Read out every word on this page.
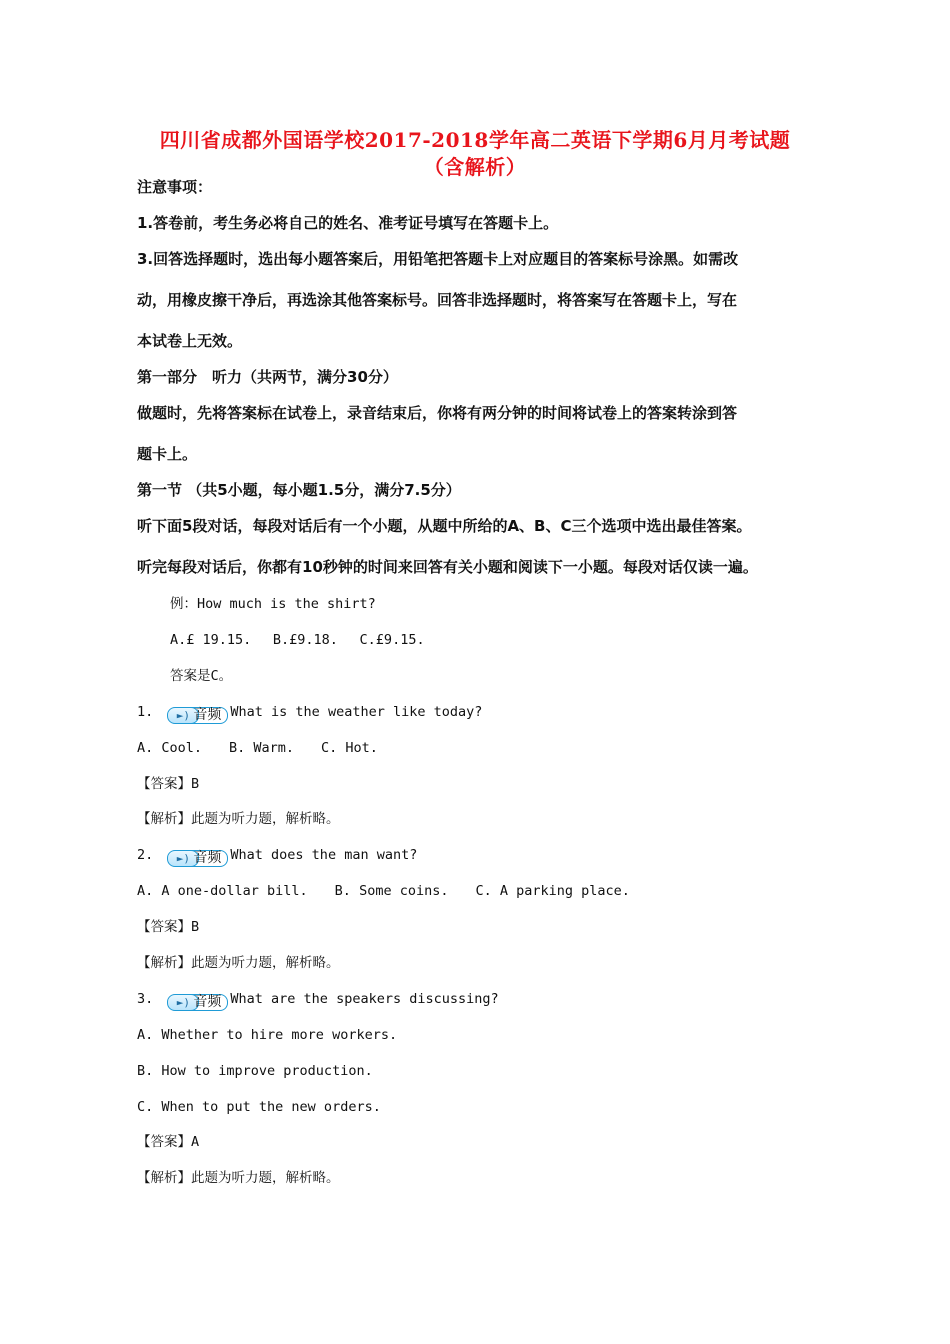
四川省成都外国语学校2017-2018学年高二英语下学期6月月考试题
（含解析）
注意事项：
1.答卷前，考生务必将自己的姓名、准考证号填写在答题卡上。
3.回答选择题时，选出每小题答案后，用铅笔把答题卡上对应题目的答案标号涂黑。如需改
动，用橡皮擦干净后，再选涂其他答案标号。回答非选择题时，将答案写在答题卡上，写在
本试卷上无效。
第一部分　听力（共两节，满分30分）
做题时，先将答案标在试卷上，录音结束后，你将有两分钟的时间将试卷上的答案转涂到答
题卡上。
第一节 （共5小题，每小题1.5分，满分7.5分）
听下面5段对话，每段对话后有一个小题，从题中所给的A、B、C三个选项中选出最佳答案。
听完每段对话后，你都有10秒钟的时间来回答有关小题和阅读下一小题。每段对话仅读一遍。
例：How much is the shirt?
A.£ 19.15.　 B.£9.18.　 C.£9.15.
答案是C。
1. ►) 音频 What is the weather like today?
A. Cool.　　B. Warm.　　C. Hot.
【答案】B
【解析】此题为听力题，解析略。
2. ►) 音频 What does the man want?
A. A one-dollar bill.　　B. Some coins.　　C. A parking place.
【答案】B
【解析】此题为听力题，解析略。
3. ►) 音频 What are the speakers discussing?
A. Whether to hire more workers.
B. How to improve production.
C. When to put the new orders.
【答案】A
【解析】此题为听力题，解析略。
